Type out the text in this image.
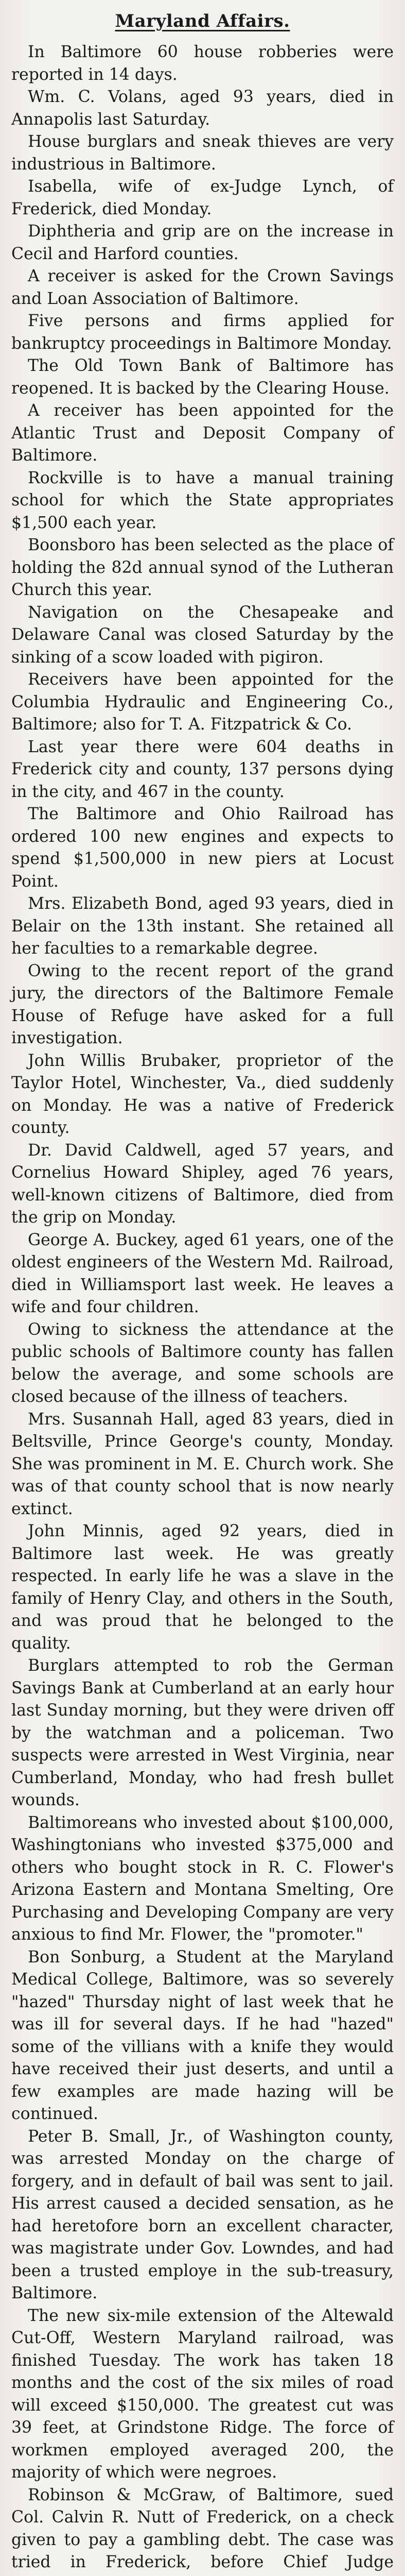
Maryland Affairs.

In Baltimore 60 house robberies were reported in 14 days.

Wm. C. Volans, aged 93 years, died in Annapolis last Saturday.

House burglars and sneak thieves are very industrious in Baltimore.

Isabella, wife of ex-Judge Lynch, of Frederick, died Monday.

Diphtheria and grip are on the increase in Cecil and Harford counties.

A receiver is asked for the Crown Savings and Loan Association of Baltimore.

Five persons and firms applied for bankruptcy proceedings in Baltimore Monday.

The Old Town Bank of Baltimore has reopened. It is backed by the Clearing House.

A receiver has been appointed for the Atlantic Trust and Deposit Company of Baltimore.

Rockville is to have a manual training school for which the State appropriates $1,500 each year.

Boonsboro has been selected as the place of holding the 82d annual synod of the Lutheran Church this year.

Navigation on the Chesapeake and Delaware Canal was closed Saturday by the sinking of a scow loaded with pigiron.

Receivers have been appointed for the Columbia Hydraulic and Engineering Co., Baltimore; also for T. A. Fitzpatrick & Co.

Last year there were 604 deaths in Frederick city and county, 137 persons dying in the city, and 467 in the county.

The Baltimore and Ohio Railroad has ordered 100 new engines and expects to spend $1,500,000 in new piers at Locust Point.

Mrs. Elizabeth Bond, aged 93 years, died in Belair on the 13th instant. She retained all her faculties to a remarkable degree.

Owing to the recent report of the grand jury, the directors of the Baltimore Female House of Refuge have asked for a full investigation.

John Willis Brubaker, proprietor of the Taylor Hotel, Winchester, Va., died suddenly on Monday. He was a native of Frederick county.

Dr. David Caldwell, aged 57 years, and Cornelius Howard Shipley, aged 76 years, well-known citizens of Baltimore, died from the grip on Monday.

George A. Buckey, aged 61 years, one of the oldest engineers of the Western Md. Railroad, died in Williamsport last week. He leaves a wife and four children.

Owing to sickness the attendance at the public schools of Baltimore county has fallen below the average, and some schools are closed because of the illness of teachers.

Mrs. Susannah Hall, aged 83 years, died in Beltsville, Prince George's county, Monday. She was prominent in M. E. Church work. She was of that county school that is now nearly extinct.

John Minnis, aged 92 years, died in Baltimore last week. He was greatly respected. In early life he was a slave in the family of Henry Clay, and others in the South, and was proud that he belonged to the quality.

Burglars attempted to rob the German Savings Bank at Cumberland at an early hour last Sunday morning, but they were driven off by the watchman and a policeman. Two suspects were arrested in West Virginia, near Cumberland, Monday, who had fresh bullet wounds.

Baltimoreans who invested about $100,000, Washingtonians who invested $375,000 and others who bought stock in R. C. Flower's Arizona Eastern and Montana Smelting, Ore Purchasing and Developing Company are very anxious to find Mr. Flower, the "promoter."

Bon Sonburg, a Student at the Maryland Medical College, Baltimore, was so severely "hazed" Thursday night of last week that he was ill for several days. If he had "hazed" some of the villians with a knife they would have received their just deserts, and until a few examples are made hazing will be continued.

Peter B. Small, Jr., of Washington county, was arrested Monday on the charge of forgery, and in default of bail was sent to jail. His arrest caused a decided sensation, as he had heretofore born an excellent character, was magistrate under Gov. Lowndes, and had been a trusted employe in the sub-treasury, Baltimore.

The new six-mile extension of the Altewald Cut-Off, Western Maryland railroad, was finished Tuesday. The work has taken 18 months and the cost of the six miles of road will exceed $150,000. The greatest cut was 39 feet, at Grindstone Ridge. The force of workmen employed averaged 200, the majority of which were negroes.

Robinson & McGraw, of Baltimore, sued Col. Calvin R. Nutt of Frederick, on a check given to pay a gambling debt. The case was tried in Frederick, before Chief Judge
